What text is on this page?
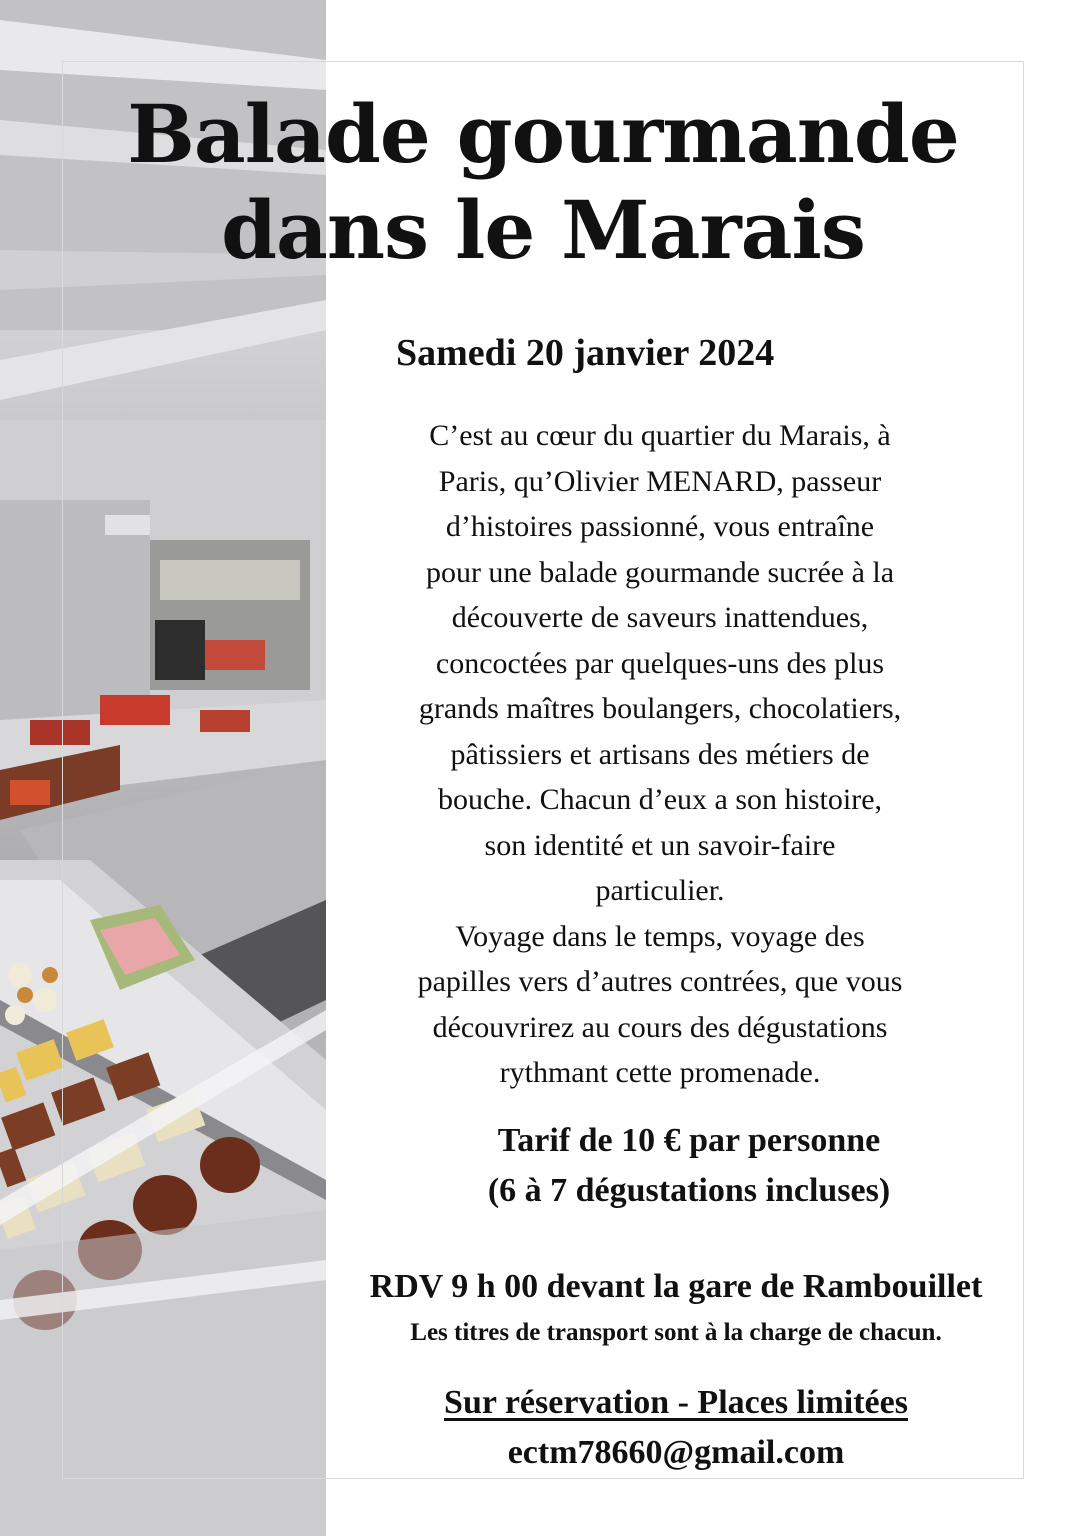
Balade gourmande
dans le Marais
Samedi 20 janvier 2024

C’est au cœur du quartier du Marais, à

Paris, qu’Olivier MENARD, passeur

d’histoires passionné, vous entraîne

pour une balade gourmande sucrée à la

découverte de saveurs inattendues,

concoctées par quelques-uns des plus

grands maîtres boulangers, chocolatiers,

pâtissiers et artisans des métiers de

bouche. Chacun d’eux a son histoire,

son identité et un savoir-faire

particulier.

Voyage dans le temps, voyage des

papilles vers d’autres contrées, que vous

découvrirez au cours des dégustations

rythmant cette promenade.

Tarif de 10 € par personne
(6 à 7 dégustations incluses)
RDV 9 h 00 devant la gare de Rambouillet
Les titres de transport sont à la charge de chacun.
Sur réservation - Places limitées
ectm78660@gmail.com
